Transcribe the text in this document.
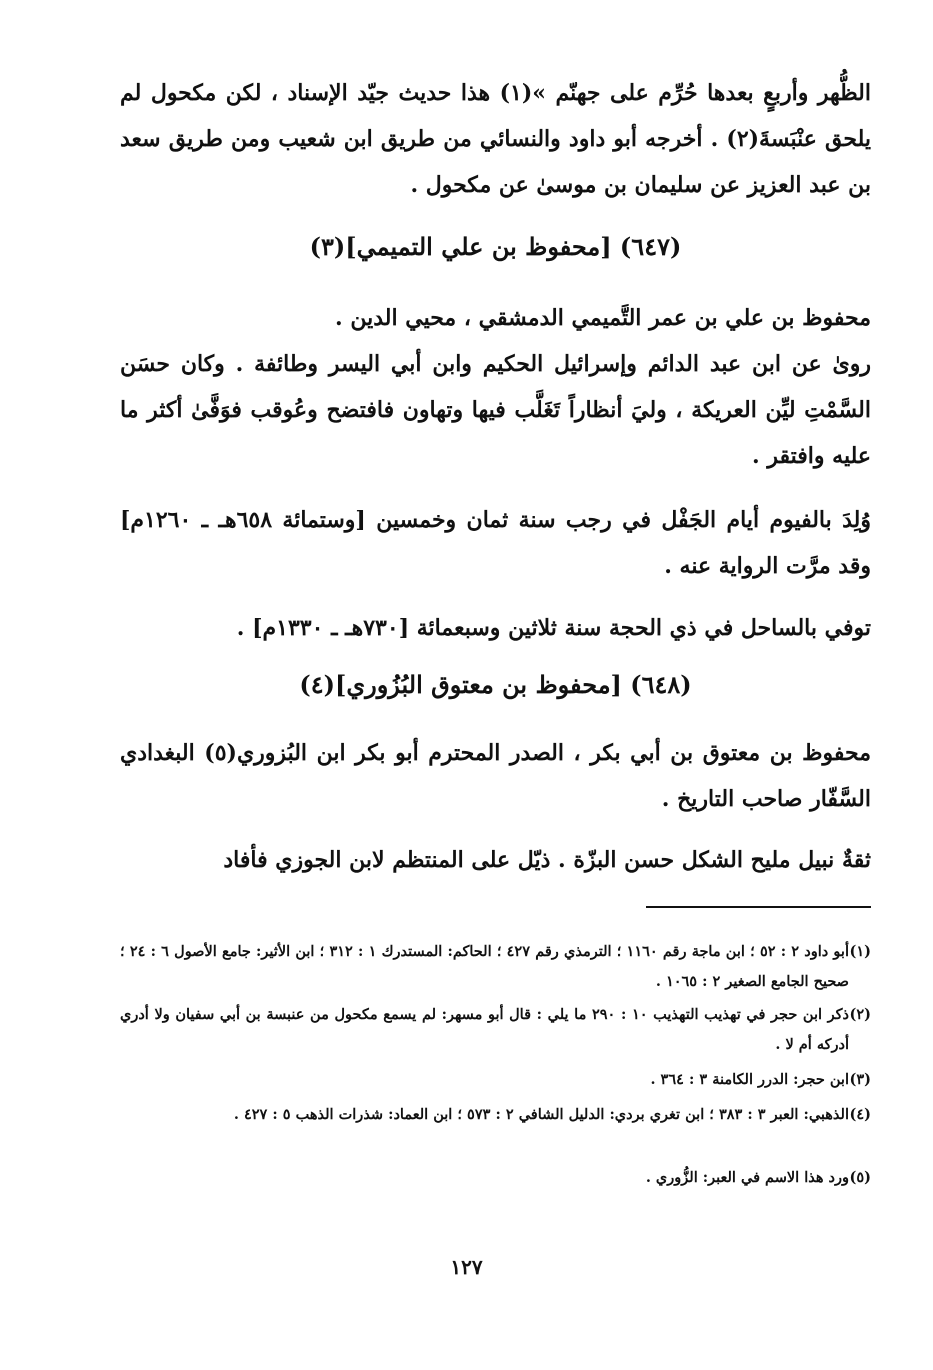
الظُّهر وأربعٍ بعدها حُرِّم على جهنّم »(١) هذا حديث جيّد الإسناد ، لكن مكحول لم يلحق عنْبَسةَ(٢) . أخرجه أبو داود والنسائي من طريق ابن شعيب ومن طريق سعد بن عبد العزيز عن سليمان بن موسىٰ عن مكحول .
(٦٤٧) [محفوظ بن علي التميمي](٣)
محفوظ بن علي بن عمر التَّميمي الدمشقي ، محيي الدين .
روىٰ عن ابن عبد الدائم وإسرائيل الحكيم وابن أبي اليسر وطائفة . وكان حسَن السَّمْتِ ليِّن العريكة ، وليَ أنظاراً تَغَلَّب فيها وتهاون فافتضح وعُوقب فوَفَّىٰ أكثر ما عليه وافتقر .
وُلِدَ بالفيوم أيام الجَفْل في رجب سنة ثمان وخمسين [وستمائة ٦٥٨هـ ـ ١٢٦٠م] وقد مرَّت الرواية عنه .
توفي بالساحل في ذي الحجة سنة ثلاثين وسبعمائة [٧٣٠هـ ـ ١٣٣٠م] .
(٦٤٨) [محفوظ بن معتوق البُزُوري](٤)
محفوظ بن معتوق بن أبي بكر ، الصدر المحترم أبو بكر ابن البُزوري(٥) البغدادي السَّفّار صاحب التاريخ .
ثقةٌ نبيل مليح الشكل حسن البزّة . ذيّل على المنتظم لابن الجوزي فأفاد
(١)
أبو داود ٢ : ٥٢ ؛ ابن ماجة رقم ١١٦٠ ؛ الترمذي رقم ٤٢٧ ؛ الحاكم: المستدرك ١ : ٣١٢ ؛ ابن الأثير: جامع الأصول ٦ : ٢٤ ؛ صحيح الجامع الصغير ٢ : ١٠٦٥ .
(٢)
ذكر ابن حجر في تهذيب التهذيب ١٠ : ٢٩٠ ما يلي : قال أبو مسهر: لم يسمع مكحول من عنبسة بن أبي سفيان ولا أدري أدركه أم لا .
(٣)
ابن حجر: الدرر الكامنة ٣ : ٣٦٤ .
(٤)
الذهبي: العبر ٣ : ٣٨٣ ؛ ابن تغري بردي: الدليل الشافي ٢ : ٥٧٣ ؛ ابن العماد: شذرات الذهب ٥ : ٤٢٧ .
(٥)
ورد هذا الاسم في العبر: الزُّوري .
١٢٧
